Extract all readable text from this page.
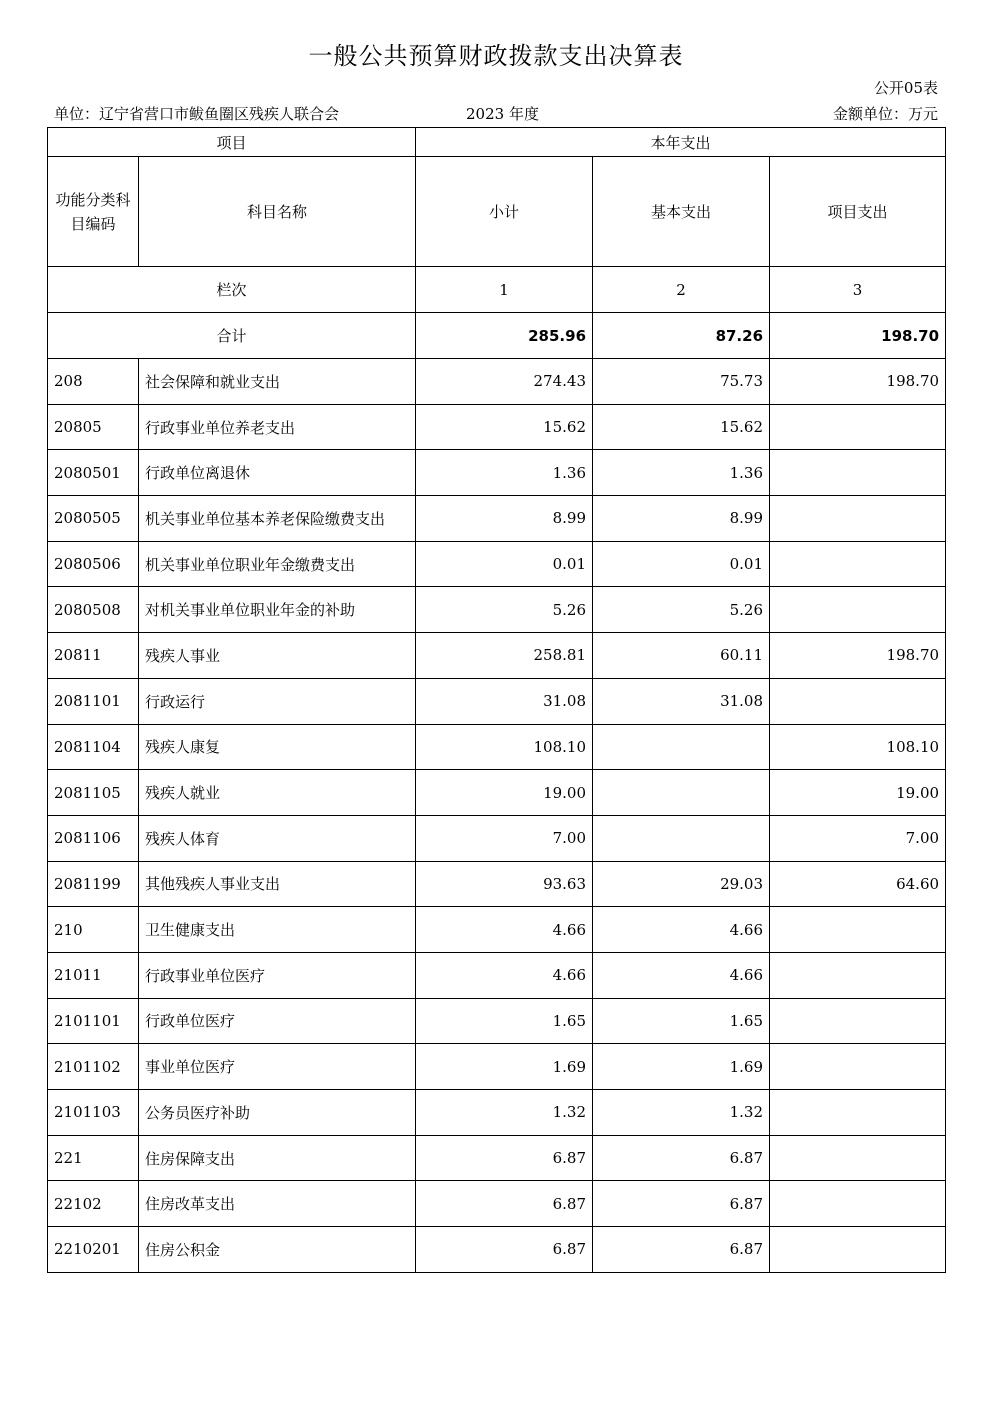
一般公共预算财政拨款支出决算表
公开05表
单位：辽宁省营口市鲅鱼圈区残疾人联合会	2023 年度	金额单位：万元
项目		本年支出		
功能分类科目编码	科目名称	小计	基本支出	项目支出
栏次		1	2	3
合计		285.96	87.26	198.70
208	社会保障和就业支出	274.43	75.73	198.70
20805	行政事业单位养老支出	15.62	15.62	
2080501	行政单位离退休	1.36	1.36	
2080505	机关事业单位基本养老保险缴费支出	8.99	8.99	
2080506	机关事业单位职业年金缴费支出	0.01	0.01	
2080508	对机关事业单位职业年金的补助	5.26	5.26	
20811	残疾人事业	258.81	60.11	198.70
2081101	行政运行	31.08	31.08	
2081104	残疾人康复	108.10		108.10
2081105	残疾人就业	19.00		19.00
2081106	残疾人体育	7.00		7.00
2081199	其他残疾人事业支出	93.63	29.03	64.60
210	卫生健康支出	4.66	4.66	
21011	行政事业单位医疗	4.66	4.66	
2101101	行政单位医疗	1.65	1.65	
2101102	事业单位医疗	1.69	1.69	
2101103	公务员医疗补助	1.32	1.32	
221	住房保障支出	6.87	6.87	
22102	住房改革支出	6.87	6.87	
2210201	住房公积金	6.87	6.87	
